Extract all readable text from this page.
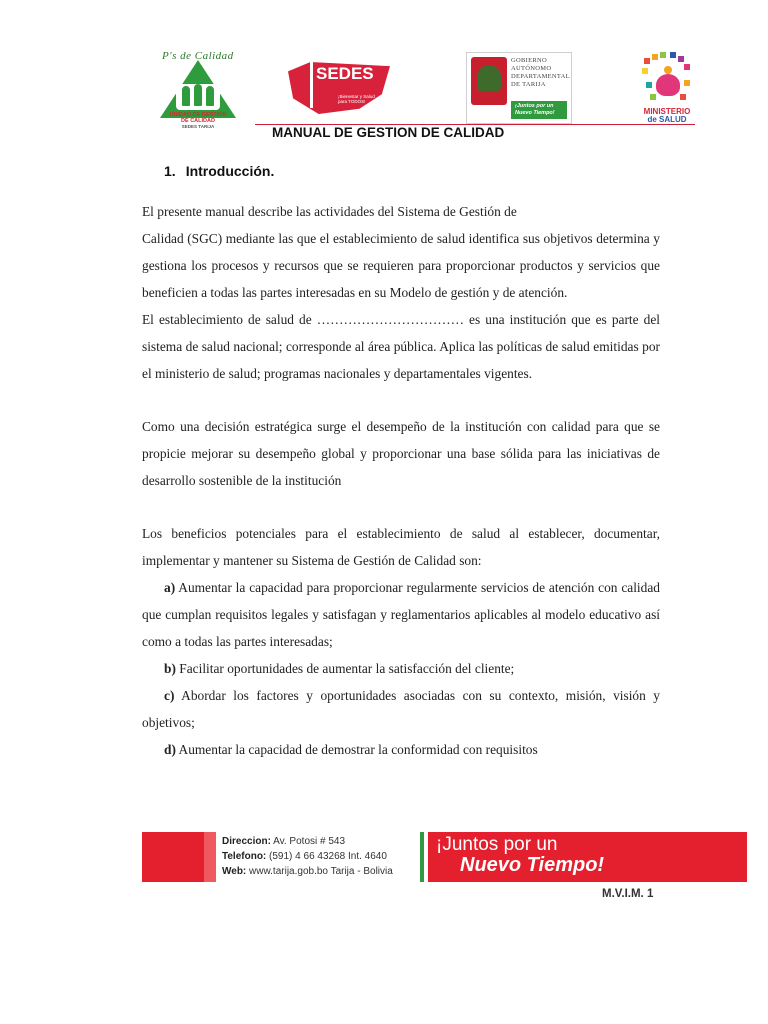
P's de Calidad
UNIDAD DE GESTIÓN
DE CALIDAD
SEDES TARIJA
SEDES
¡Bienestar y Salud
para TODOS!
GOBIERNO
AUTÓNOMO
DEPARTAMENTAL
DE TARIJA
¡Juntos por un
Nuevo Tiempo!	MINISTERIO
de SALUD
MANUAL DE GESTION DE CALIDAD
1. Introducción.

El presente manual describe las actividades del Sistema de Gestión de

Calidad (SGC) mediante las que el establecimiento de salud identifica sus objetivos determina y gestiona los procesos y recursos que se requieren para proporcionar productos y servicios que beneficien a todas las partes interesadas en su Modelo de gestión y de atención.

El establecimiento de salud de …………………………… es una institución que es parte del sistema de salud nacional; corresponde al área pública. Aplica las políticas de salud emitidas por el ministerio de salud; programas nacionales y departamentales vigentes.

Como una decisión estratégica surge el desempeño de la institución con calidad para que se propicie mejorar su desempeño global y proporcionar una base sólida para las iniciativas de desarrollo sostenible de la institución

Los beneficios potenciales para el establecimiento de salud al establecer, documentar, implementar y mantener su Sistema de Gestión de Calidad son:

a) Aumentar la capacidad para proporcionar regularmente servicios de atención con calidad que cumplan requisitos legales y satisfagan y reglamentarios aplicables al modelo educativo así como a todas las partes interesadas;

b) Facilitar oportunidades de aumentar la satisfacción del cliente;

c) Abordar los factores y oportunidades asociadas con su contexto, misión, visión y objetivos;

d) Aumentar la capacidad de demostrar la conformidad con requisitos

Direccion: Av. Potosi # 543
Telefono: (591) 4 66 43268 Int. 4640
Web: www.tarija.gob.bo Tarija - Bolivia
¡Juntos por un
Nuevo Tiempo!
M.V.I.M. 1
